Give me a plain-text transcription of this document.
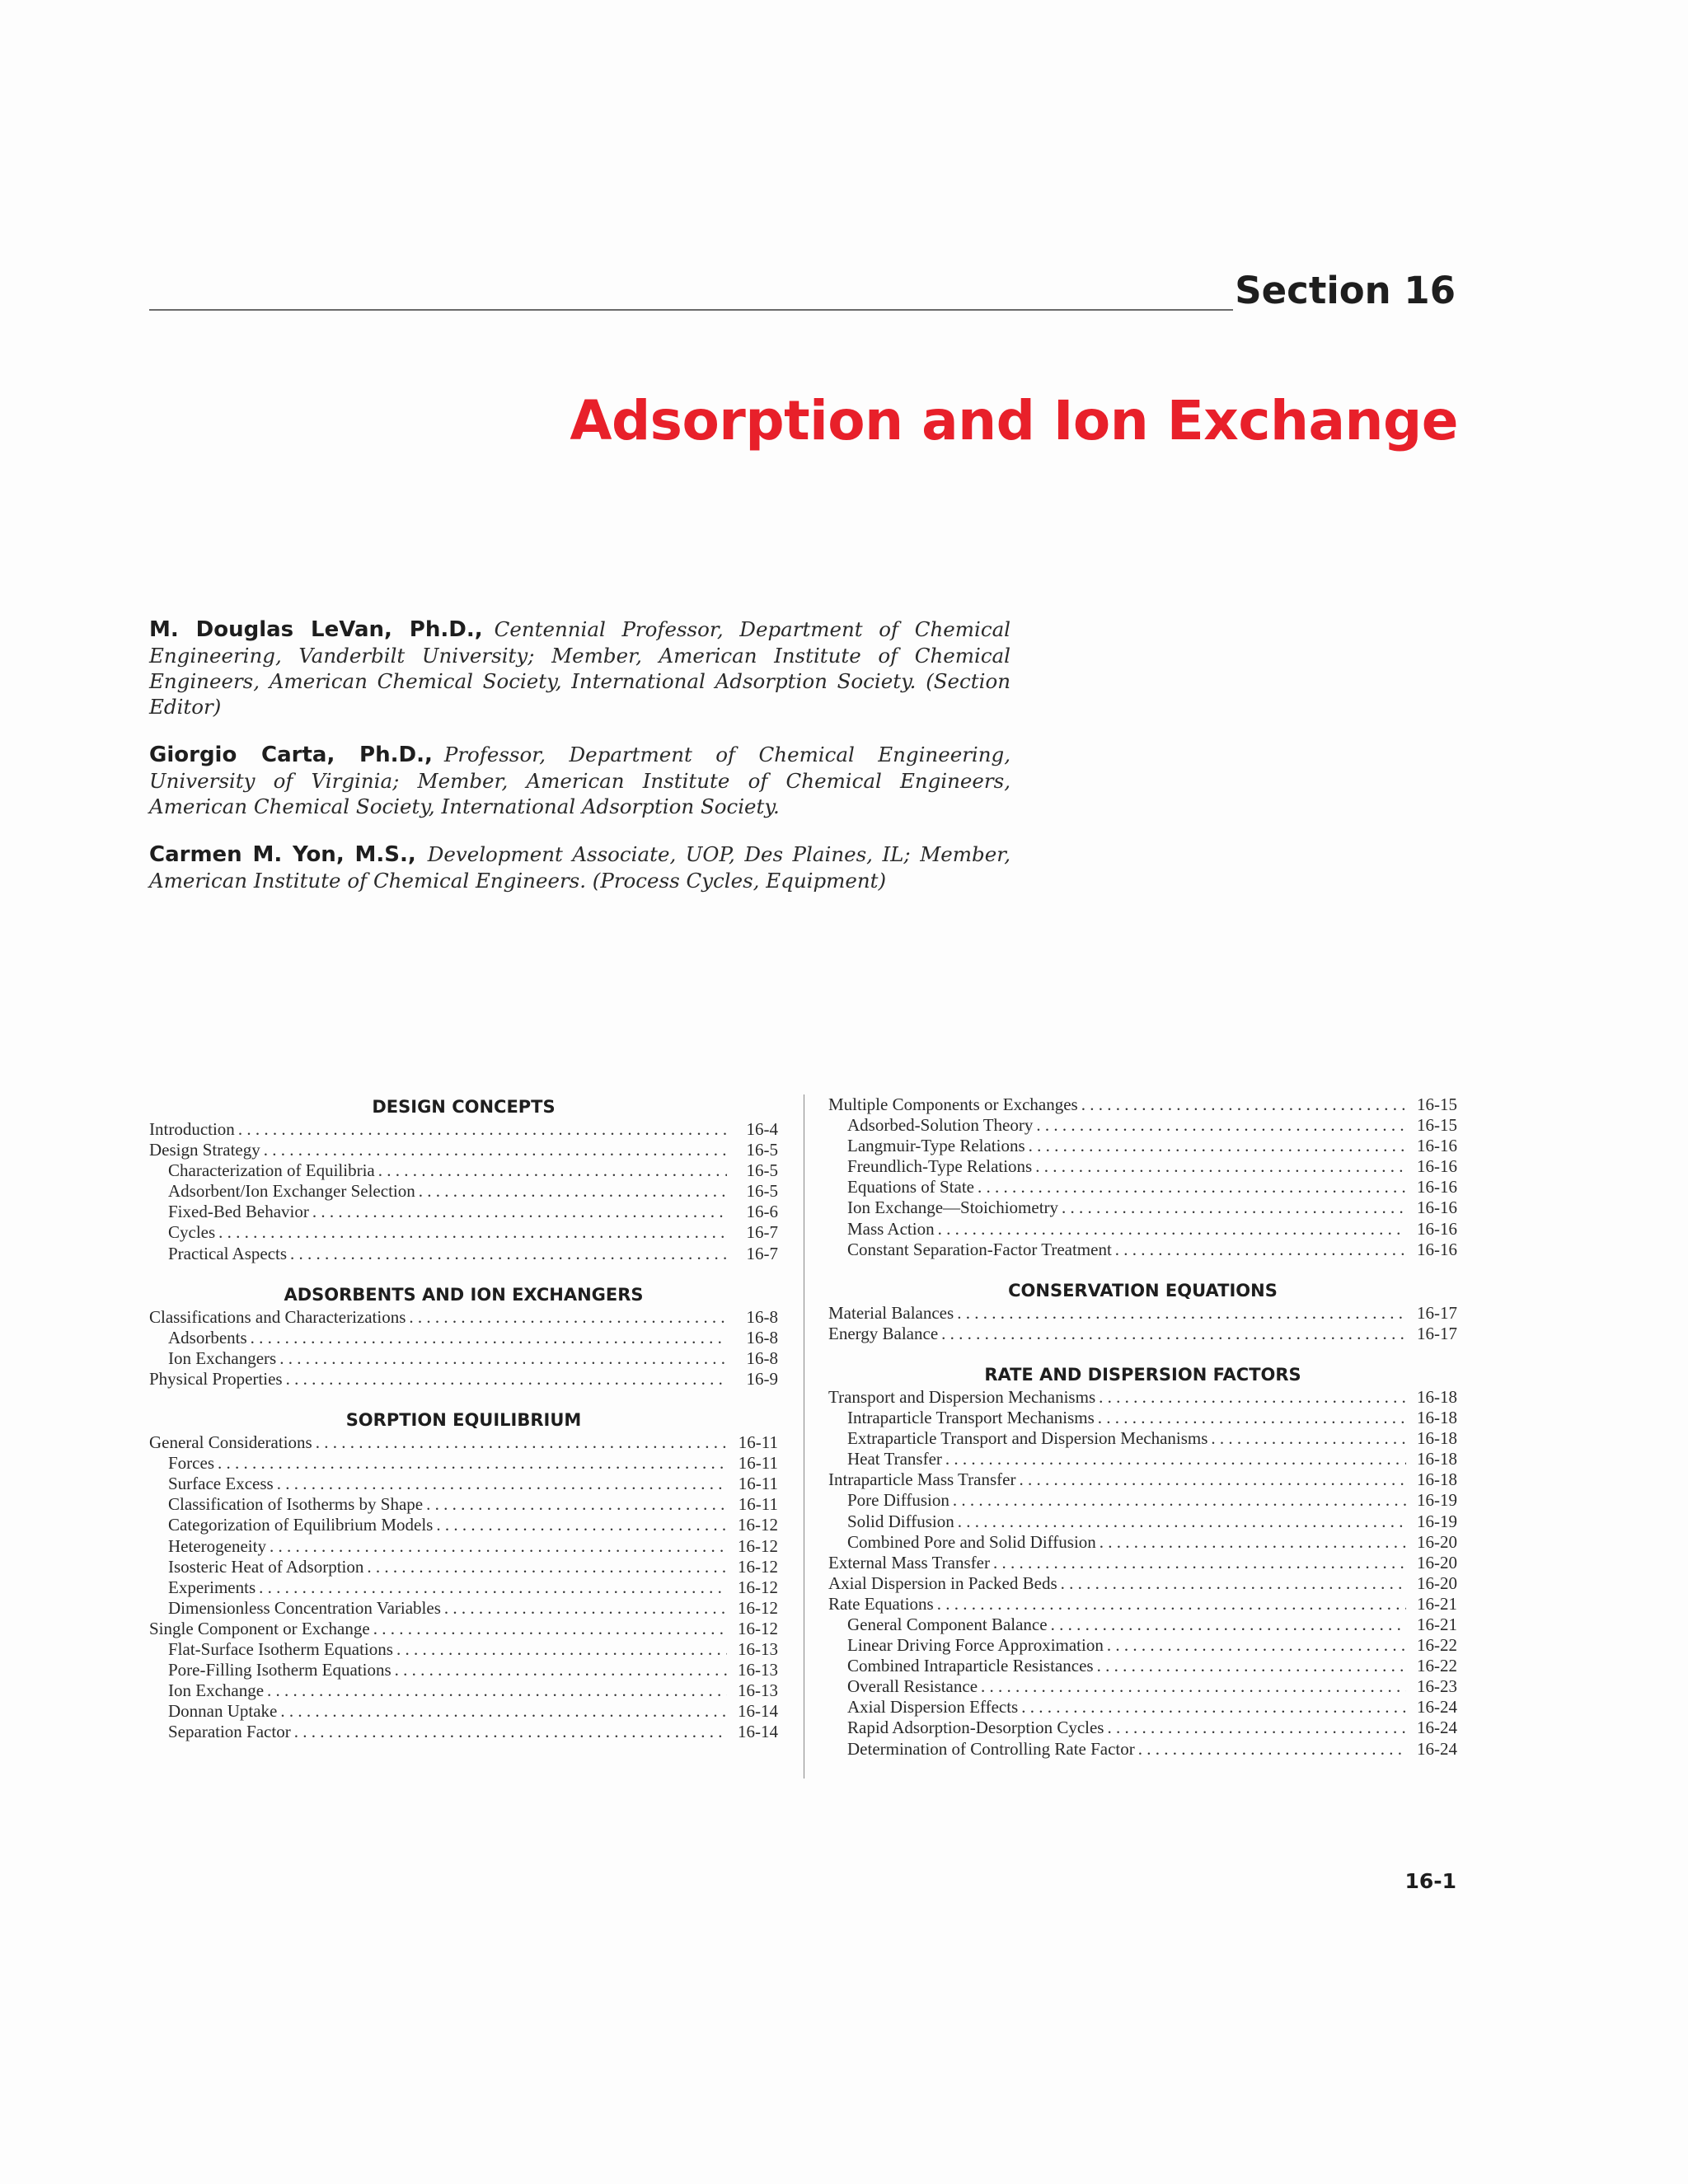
Section 16
Adsorption and Ion Exchange

M. Douglas LeVan, Ph.D., Centennial Professor, Department of Chemical Engineering, Vanderbilt University; Member, American Institute of Chemical Engineers, American Chemical Society, International Adsorption Society. (Section Editor)

Giorgio Carta, Ph.D., Professor, Department of Chemical Engineering, University of Virginia; Member, American Institute of Chemical Engineers, American Chemical Society, International Adsorption Society.

Carmen M. Yon, M.S., Development Associate, UOP, Des Plaines, IL; Member, American Institute of Chemical Engineers. (Process Cycles, Equipment)

DESIGN CONCEPTS
Introduction . . .	16-4
Design Strategy . . .	16-5
Characterization of Equilibria . . .	16-5
Adsorbent/Ion Exchanger Selection . . .	16-5
Fixed-Bed Behavior . . .	16-6
Cycles . . .	16-7
Practical Aspects . . .	16-7
ADSORBENTS AND ION EXCHANGERS
Classifications and Characterizations . . .	16-8
Adsorbents . . .	16-8
Ion Exchangers . . .	16-8
Physical Properties . . .	16-9
SORPTION EQUILIBRIUM
General Considerations . . .	16-11
Forces . . .	16-11
Surface Excess . . .	16-11
Classification of Isotherms by Shape . . .	16-11
Categorization of Equilibrium Models . . .	16-12
Heterogeneity . . .	16-12
Isosteric Heat of Adsorption . . .	16-12
Experiments . . .	16-12
Dimensionless Concentration Variables . . .	16-12
Single Component or Exchange . . .	16-12
Flat-Surface Isotherm Equations . . .	16-13
Pore-Filling Isotherm Equations . . .	16-13
Ion Exchange . . .	16-13
Donnan Uptake . . .	16-14
Separation Factor . . .	16-14
Multiple Components or Exchanges . . .	16-15
Adsorbed-Solution Theory . . .	16-15
Langmuir-Type Relations . . .	16-16
Freundlich-Type Relations . . .	16-16
Equations of State . . .	16-16
Ion Exchange—Stoichiometry . . .	16-16
Mass Action . . .	16-16
Constant Separation-Factor Treatment . . .	16-16
CONSERVATION EQUATIONS
Material Balances . . .	16-17
Energy Balance . . .	16-17
RATE AND DISPERSION FACTORS
Transport and Dispersion Mechanisms . . .	16-18
Intraparticle Transport Mechanisms . . .	16-18
Extraparticle Transport and Dispersion Mechanisms . . .	16-18
Heat Transfer . . .	16-18
Intraparticle Mass Transfer . . .	16-18
Pore Diffusion . . .	16-19
Solid Diffusion . . .	16-19
Combined Pore and Solid Diffusion . . .	16-20
External Mass Transfer . . .	16-20
Axial Dispersion in Packed Beds . . .	16-20
Rate Equations . . .	16-21
General Component Balance . . .	16-21
Linear Driving Force Approximation . . .	16-22
Combined Intraparticle Resistances . . .	16-22
Overall Resistance . . .	16-23
Axial Dispersion Effects . . .	16-24
Rapid Adsorption-Desorption Cycles . . .	16-24
Determination of Controlling Rate Factor . . .	16-24

16-1
